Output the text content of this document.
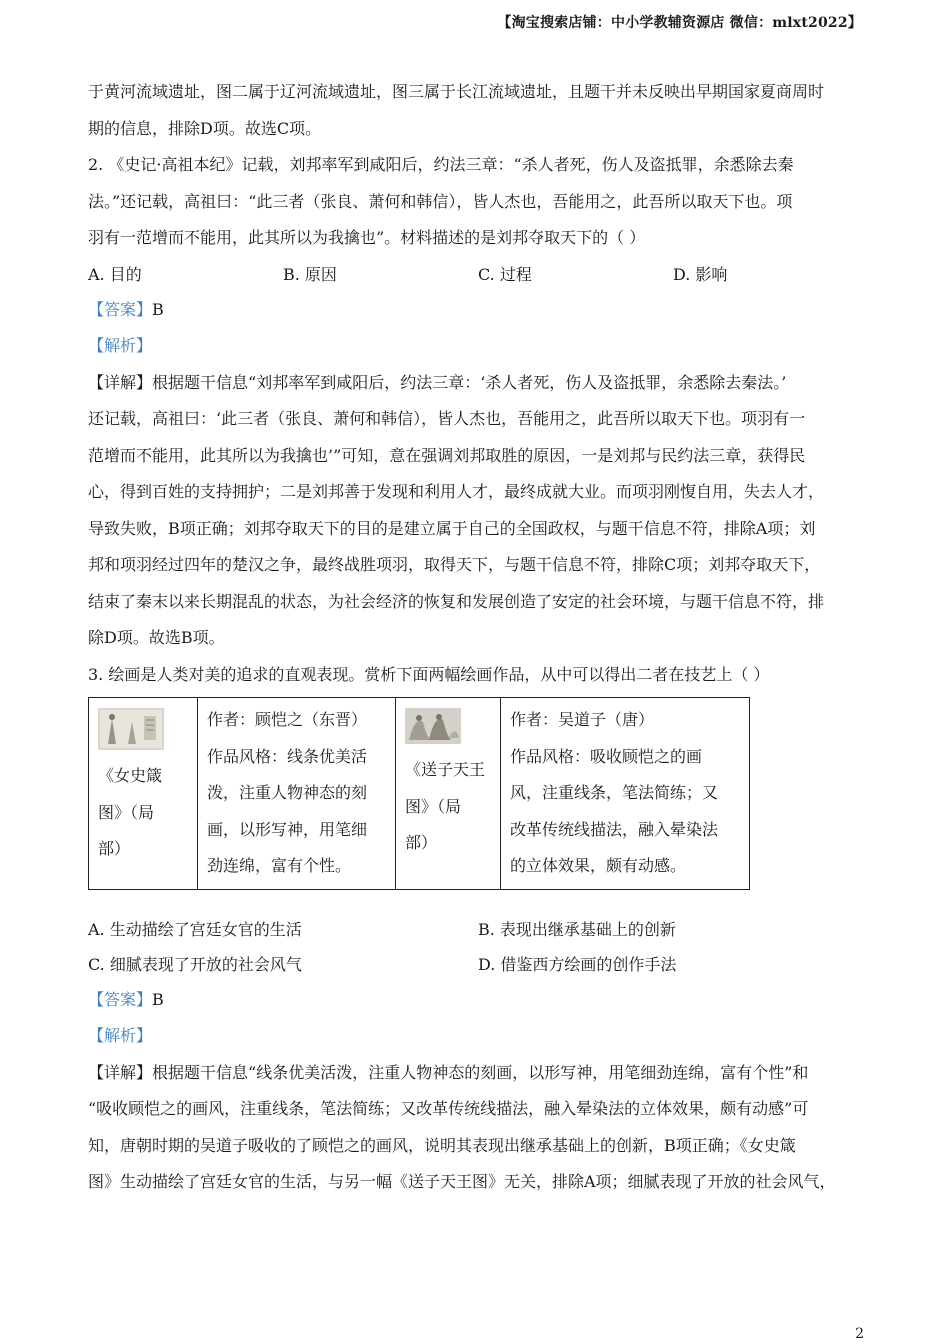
【淘宝搜索店铺：中小学教辅资源店 微信：mlxt2022】
于黄河流域遗址，图二属于辽河流域遗址，图三属于长江流域遗址，且题干并未反映出早期国家夏商周时
期的信息，排除D项。故选C项。
2. 《史记·高祖本纪》记载，刘邦率军到咸阳后，约法三章：“杀人者死，伤人及盗抵罪，余悉除去秦
法。”还记载，高祖曰：“此三者（张良、萧何和韩信），皆人杰也，吾能用之，此吾所以取天下也。项
羽有一范增而不能用，此其所以为我擒也”。材料描述的是刘邦夺取天下的（ ）
A. 目的	B. 原因	C. 过程	D. 影响
【答案】B
【解析】
【详解】根据题干信息“刘邦率军到咸阳后，约法三章：‘杀人者死，伤人及盗抵罪，余悉除去秦法。’
还记载，高祖曰：‘此三者（张良、萧何和韩信），皆人杰也，吾能用之，此吾所以取天下也。项羽有一
范增而不能用，此其所以为我擒也’”可知，意在强调刘邦取胜的原因，一是刘邦与民约法三章，获得民
心，得到百姓的支持拥护；二是刘邦善于发现和利用人才，最终成就大业。而项羽刚愎自用，失去人才，
导致失败，B项正确；刘邦夺取天下的目的是建立属于自己的全国政权，与题干信息不符，排除A项；刘
邦和项羽经过四年的楚汉之争，最终战胜项羽，取得天下，与题干信息不符，排除C项；刘邦夺取天下，
结束了秦末以来长期混乱的状态，为社会经济的恢复和发展创造了安定的社会环境，与题干信息不符，排
除D项。故选B项。
3. 绘画是人类对美的追求的直观表现。赏析下面两幅绘画作品，从中可以得出二者在技艺上（ ）
《女史箴
图》（局
部）

作者：顾恺之（东晋）
作品风格：线条优美活
泼，注重人物神态的刻
画，以形写神，用笔细
劲连绵，富有个性。

《送子天王
图》（局
部）

作者：吴道子（唐）
作品风格：吸收顾恺之的画
风，注重线条，笔法简练；又
改革传统线描法，融入晕染法
的立体效果，颇有动感。
A. 生动描绘了宫廷女官的生活	B. 表现出继承基础上的创新
C. 细腻表现了开放的社会风气	D. 借鉴西方绘画的创作手法
【答案】B
【解析】
【详解】根据题干信息“线条优美活泼，注重人物神态的刻画，以形写神，用笔细劲连绵，富有个性”和
“吸收顾恺之的画风，注重线条，笔法简练；又改革传统线描法，融入晕染法的立体效果，颇有动感”可
知，唐朝时期的吴道子吸收的了顾恺之的画风，说明其表现出继承基础上的创新，B项正确；《女史箴
图》生动描绘了宫廷女官的生活，与另一幅《送子天王图》无关，排除A项；细腻表现了开放的社会风气，
2
